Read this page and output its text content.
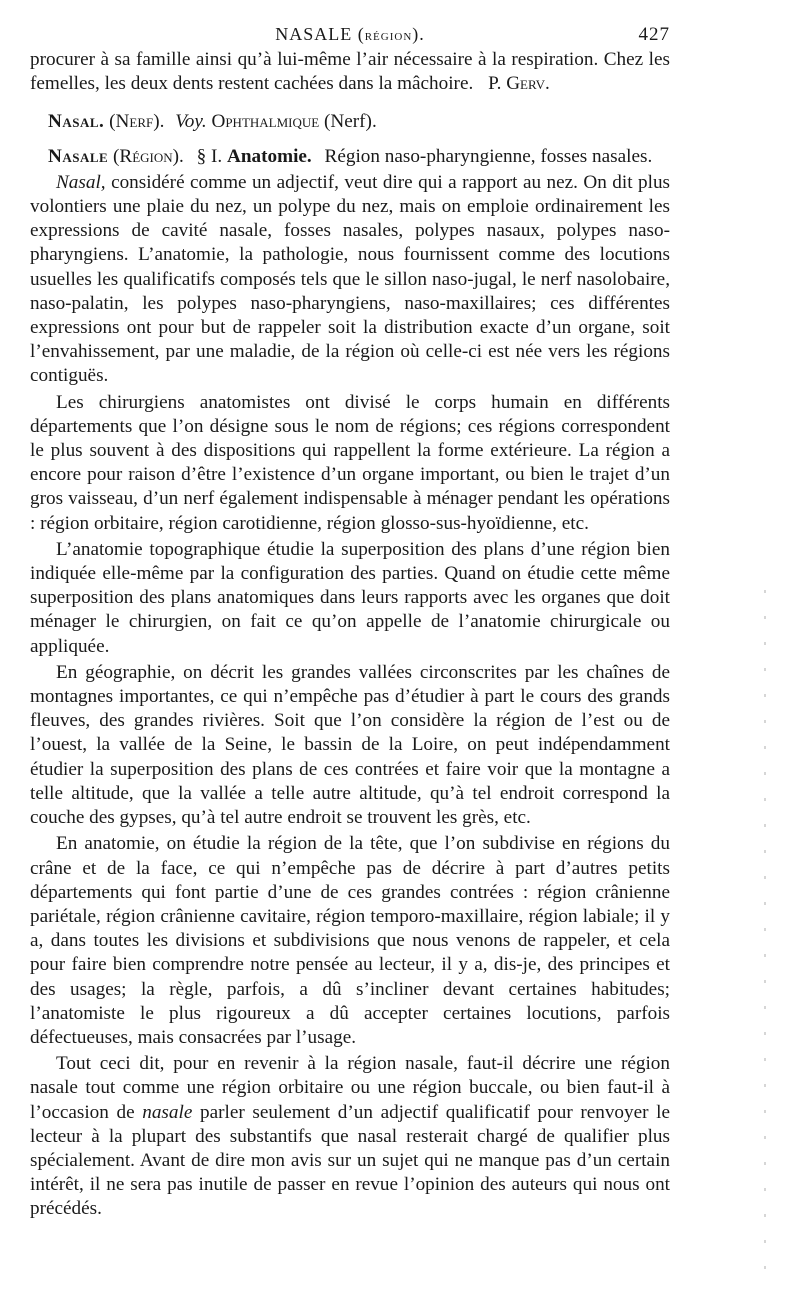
NASALE (région).	427

procurer à sa famille ainsi qu’à lui-même l’air nécessaire à la respiration. Chez les femelles, les deux dents restent cachées dans la mâchoire. P. Gerv.

Nasal. (Nerf). Voy. Ophthalmique (Nerf).

Nasale (Région). § I. Anatomie. Région naso-pharyngienne, fosses nasales.

Nasal, considéré comme un adjectif, veut dire qui a rapport au nez. On dit plus volontiers une plaie du nez, un polype du nez, mais on emploie ordinairement les expressions de cavité nasale, fosses nasales, polypes nasaux, polypes naso-pharyngiens. L’anatomie, la pathologie, nous fournissent comme des locutions usuelles les qualificatifs composés tels que le sillon naso-jugal, le nerf nasolobaire, naso-palatin, les polypes naso-pharyngiens, naso-maxillaires; ces différentes expressions ont pour but de rappeler soit la distribution exacte d’un organe, soit l’envahissement, par une maladie, de la région où celle-ci est née vers les régions contiguës.

Les chirurgiens anatomistes ont divisé le corps humain en différents départements que l’on désigne sous le nom de régions; ces régions correspondent le plus souvent à des dispositions qui rappellent la forme extérieure. La région a encore pour raison d’être l’existence d’un organe important, ou bien le trajet d’un gros vaisseau, d’un nerf également indispensable à ménager pendant les opérations : région orbitaire, région carotidienne, région glosso-sus-hyoïdienne, etc.

L’anatomie topographique étudie la superposition des plans d’une région bien indiquée elle-même par la configuration des parties. Quand on étudie cette même superposition des plans anatomiques dans leurs rapports avec les organes que doit ménager le chirurgien, on fait ce qu’on appelle de l’anatomie chirurgicale ou appliquée.

En géographie, on décrit les grandes vallées circonscrites par les chaînes de montagnes importantes, ce qui n’empêche pas d’étudier à part le cours des grands fleuves, des grandes rivières. Soit que l’on considère la région de l’est ou de l’ouest, la vallée de la Seine, le bassin de la Loire, on peut indépendamment étudier la superposition des plans de ces contrées et faire voir que la montagne a telle altitude, que la vallée a telle autre altitude, qu’à tel endroit correspond la couche des gypses, qu’à tel autre endroit se trouvent les grès, etc.

En anatomie, on étudie la région de la tête, que l’on subdivise en régions du crâne et de la face, ce qui n’empêche pas de décrire à part d’autres petits départements qui font partie d’une de ces grandes contrées : région crânienne pariétale, région crânienne cavitaire, région temporo-maxillaire, région labiale; il y a, dans toutes les divisions et subdivisions que nous venons de rappeler, et cela pour faire bien comprendre notre pensée au lecteur, il y a, dis-je, des principes et des usages; la règle, parfois, a dû s’incliner devant certaines habitudes; l’anatomiste le plus rigoureux a dû accepter certaines locutions, parfois défectueuses, mais consacrées par l’usage.

Tout ceci dit, pour en revenir à la région nasale, faut-il décrire une région nasale tout comme une région orbitaire ou une région buccale, ou bien faut-il à l’occasion de nasale parler seulement d’un adjectif qualificatif pour renvoyer le lecteur à la plupart des substantifs que nasal resterait chargé de qualifier plus spécialement. Avant de dire mon avis sur un sujet qui ne manque pas d’un certain intérêt, il ne sera pas inutile de passer en revue l’opinion des auteurs qui nous ont précédés.
